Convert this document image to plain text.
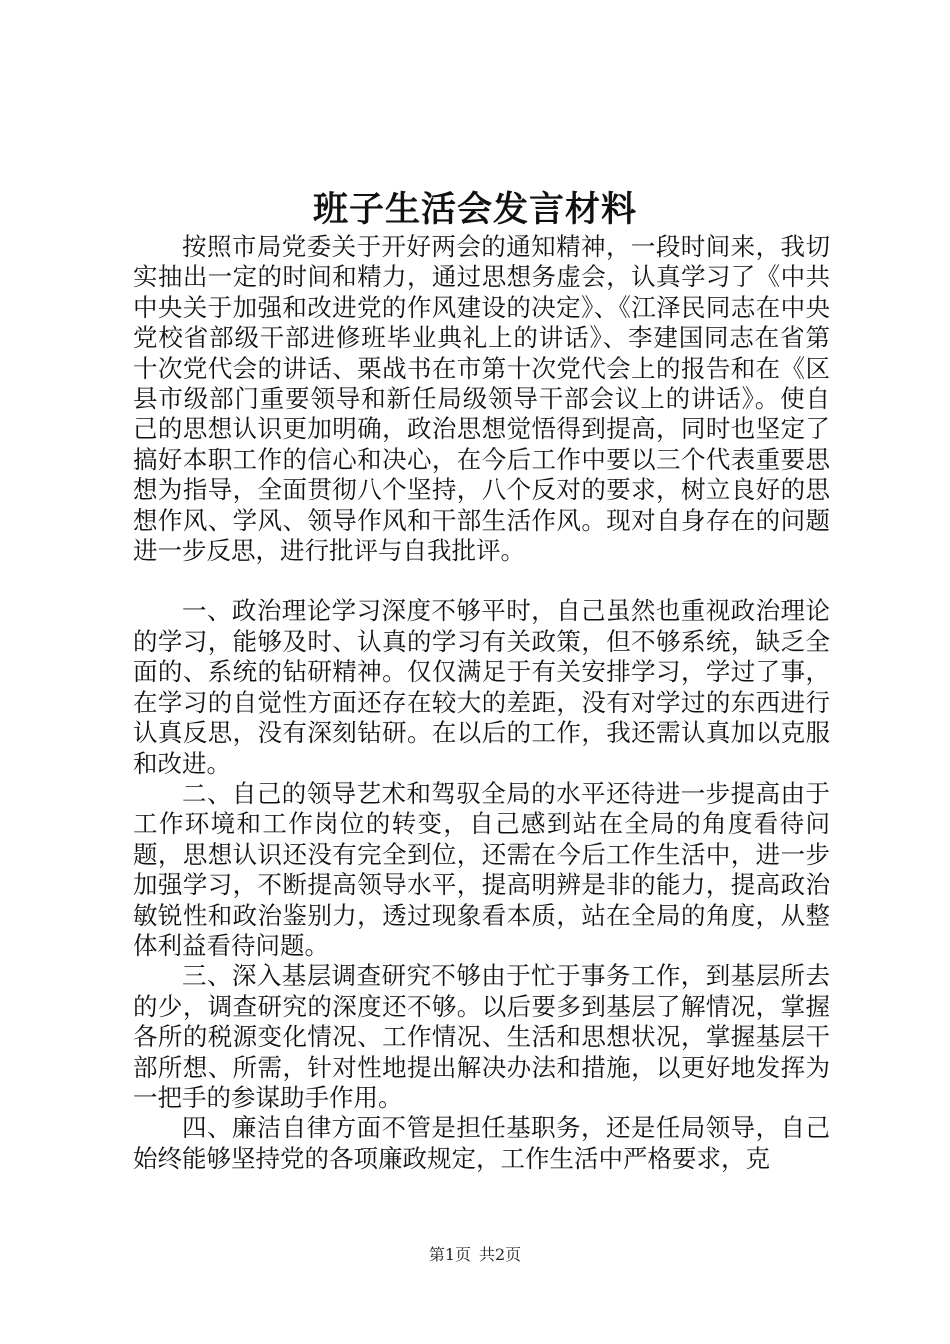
班子生活会发言材料

按照市局党委关于开好两会的通知精神，一段时间来，我切实抽出一定的时间和精力，通过思想务虚会，认真学习了《中共中央关于加强和改进党的作风建设的决定》、《江泽民同志在中央党校省部级干部进修班毕业典礼上的讲话》、李建国同志在省第十次党代会的讲话、栗战书在市第十次党代会上的报告和在《区县市级部门重要领导和新任局级领导干部会议上的讲话》。使自己的思想认识更加明确，政治思想觉悟得到提高，同时也坚定了搞好本职工作的信心和决心，在今后工作中要以三个代表重要思想为指导，全面贯彻八个坚持，八个反对的要求，树立良好的思想作风、学风、领导作风和干部生活作风。现对自身存在的问题进一步反思，进行批评与自我批评。

一、政治理论学习深度不够平时，自己虽然也重视政治理论的学习，能够及时、认真的学习有关政策，但不够系统，缺乏全面的、系统的钻研精神。仅仅满足于有关安排学习，学过了事，在学习的自觉性方面还存在较大的差距，没有对学过的东西进行认真反思，没有深刻钻研。在以后的工作，我还需认真加以克服和改进。

二、自己的领导艺术和驾驭全局的水平还待进一步提高由于工作环境和工作岗位的转变，自己感到站在全局的角度看待问题，思想认识还没有完全到位，还需在今后工作生活中，进一步加强学习，不断提高领导水平，提高明辨是非的能力，提高政治敏锐性和政治鉴别力，透过现象看本质，站在全局的角度，从整体利益看待问题。

三、深入基层调查研究不够由于忙于事务工作，到基层所去的少，调查研究的深度还不够。以后要多到基层了解情况，掌握各所的税源变化情况、工作情况、生活和思想状况，掌握基层干部所想、所需，针对性地提出解决办法和措施，以更好地发挥为一把手的参谋助手作用。

四、廉洁自律方面不管是担任基职务，还是任局领导，自己始终能够坚持党的各项廉政规定，工作生活中严格要求，克

第1页 共2页
